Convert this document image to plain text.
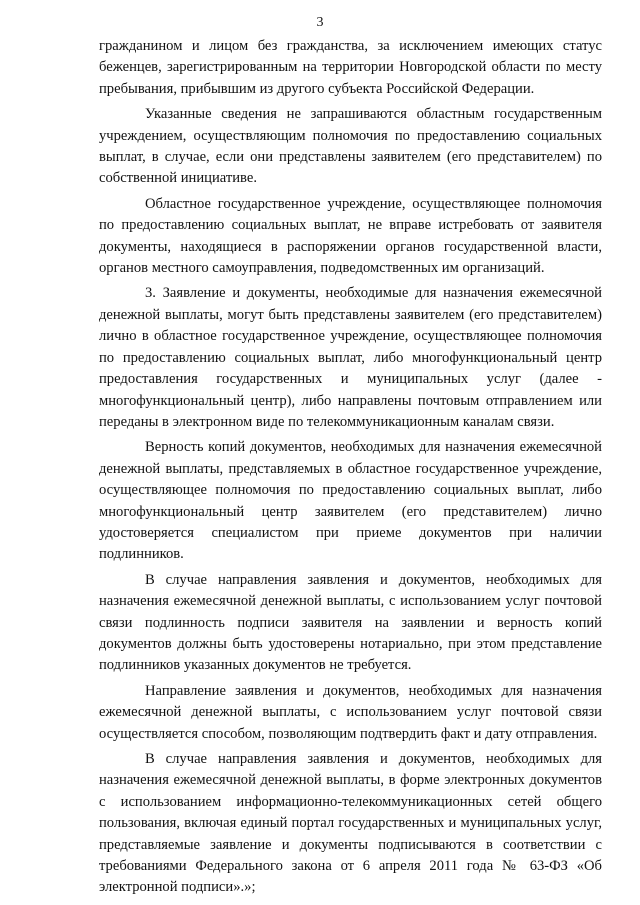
3

гражданином и лицом без гражданства, за исключением имеющих статус беженцев, зарегистрированным на территории Новгородской области по месту пребывания, прибывшим из другого субъекта Российской Федерации.

Указанные сведения не запрашиваются областным государственным учреждением, осуществляющим полномочия по предоставлению социальных выплат, в случае, если они представлены заявителем (его представителем) по собственной инициативе.

Областное государственное учреждение, осуществляющее полномочия по предоставлению социальных выплат, не вправе истребовать от заявителя документы, находящиеся в распоряжении органов государственной власти, органов местного самоуправления, подведомственных им организаций.

3. Заявление и документы, необходимые для назначения ежемесячной денежной выплаты, могут быть представлены заявителем (его представителем) лично в областное государственное учреждение, осуществляющее полномочия по предоставлению социальных выплат, либо многофункциональный центр предоставления государственных и муниципальных услуг (далее - многофункциональный центр), либо направлены почтовым отправлением или переданы в электронном виде по телекоммуникационным каналам связи.

Верность копий документов, необходимых для назначения ежемесячной денежной выплаты, представляемых в областное государственное учреждение, осуществляющее полномочия по предоставлению социальных выплат, либо многофункциональный центр заявителем (его представителем) лично удостоверяется специалистом при приеме документов при наличии подлинников.

В случае направления заявления и документов, необходимых для назначения ежемесячной денежной выплаты, с использованием услуг почтовой связи подлинность подписи заявителя на заявлении и верность копий документов должны быть удостоверены нотариально, при этом представление подлинников указанных документов не требуется.

Направление заявления и документов, необходимых для назначения ежемесячной денежной выплаты, с использованием услуг почтовой связи осуществляется способом, позволяющим подтвердить факт и дату отправления.

В случае направления заявления и документов, необходимых для назначения ежемесячной денежной выплаты, в форме электронных документов с использованием информационно-телекоммуникационных сетей общего пользования, включая единый портал государственных и муниципальных услуг, представляемые заявление и документы подписываются в соответствии с требованиями Федерального закона от 6 апреля 2011 года № 63-ФЗ «Об электронной подписи».»;
